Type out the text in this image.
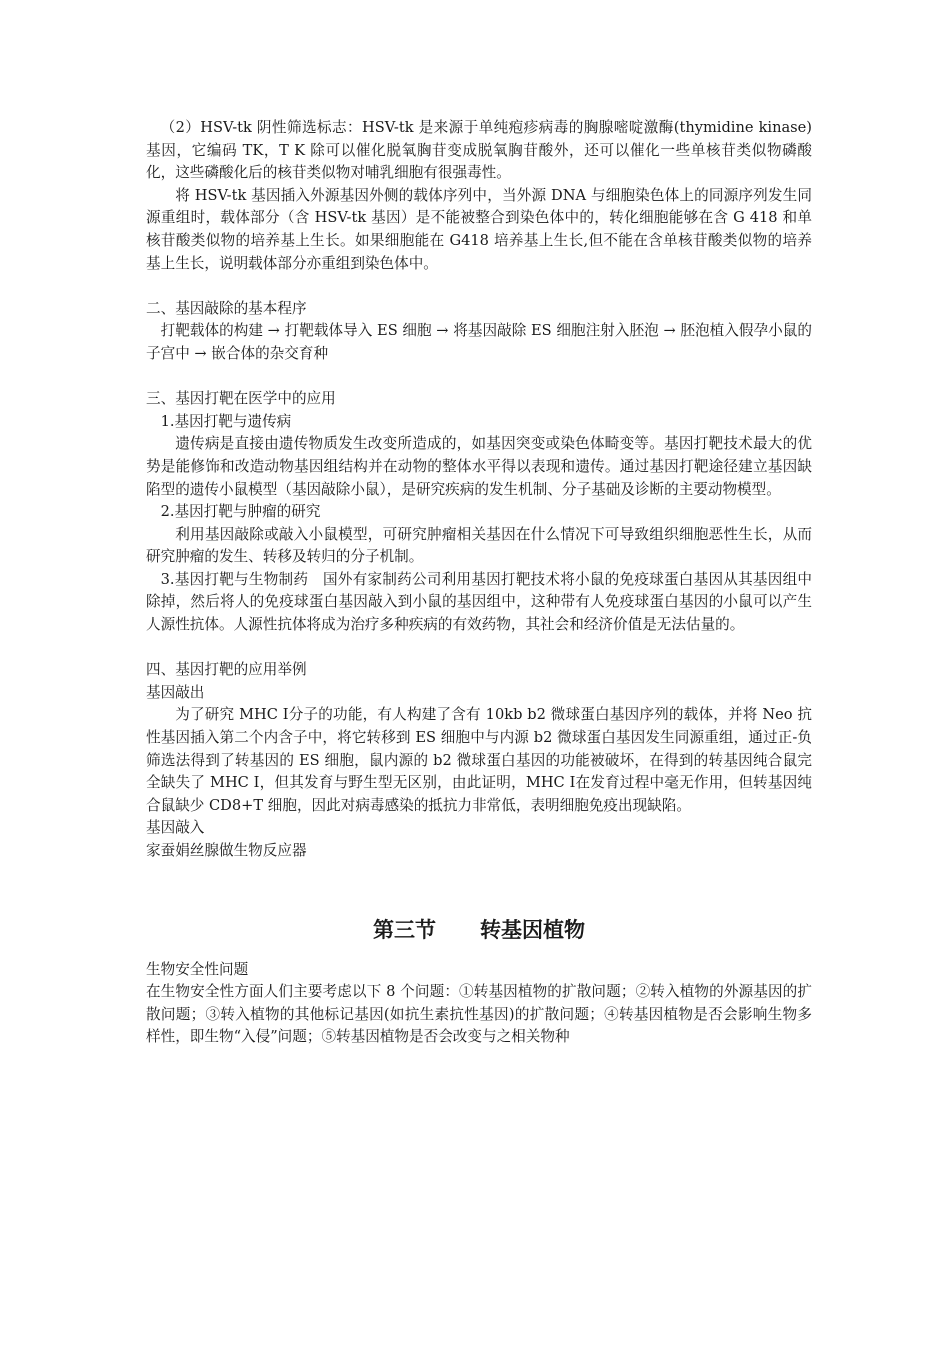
（2）HSV-tk 阴性筛选标志：HSV-tk 是来源于单纯疱疹病毒的胸腺嘧啶激酶(thymidine kinase)基因，它编码 TK，T K 除可以催化脱氧胸苷变成脱氧胸苷酸外，还可以催化一些单核苷类似物磷酸化，这些磷酸化后的核苷类似物对哺乳细胞有很强毒性。

将 HSV-tk 基因插入外源基因外侧的载体序列中，当外源 DNA 与细胞染色体上的同源序列发生同源重组时，载体部分（含 HSV-tk 基因）是不能被整合到染色体中的，转化细胞能够在含 G 418 和单核苷酸类似物的培养基上生长。如果细胞能在 G418 培养基上生长,但不能在含单核苷酸类似物的培养基上生长，说明载体部分亦重组到染色体中。

二、基因敲除的基本程序

打靶载体的构建 → 打靶载体导入 ES 细胞 → 将基因敲除 ES 细胞注射入胚泡 → 胚泡植入假孕小鼠的子宫中 → 嵌合体的杂交育种

三、基因打靶在医学中的应用

1.基因打靶与遗传病

遗传病是直接由遗传物质发生改变所造成的，如基因突变或染色体畸变等。基因打靶技术最大的优势是能修饰和改造动物基因组结构并在动物的整体水平得以表现和遗传。通过基因打靶途径建立基因缺陷型的遗传小鼠模型（基因敲除小鼠），是研究疾病的发生机制、分子基础及诊断的主要动物模型。

2.基因打靶与肿瘤的研究

利用基因敲除或敲入小鼠模型，可研究肿瘤相关基因在什么情况下可导致组织细胞恶性生长，从而研究肿瘤的发生、转移及转归的分子机制。

3.基因打靶与生物制药　国外有家制药公司利用基因打靶技术将小鼠的免疫球蛋白基因从其基因组中除掉，然后将人的免疫球蛋白基因敲入到小鼠的基因组中，这种带有人免疫球蛋白基因的小鼠可以产生人源性抗体。人源性抗体将成为治疗多种疾病的有效药物，其社会和经济价值是无法估量的。

四、基因打靶的应用举例

基因敲出

为了研究 MHC Ⅰ分子的功能，有人构建了含有 10kb b2 微球蛋白基因序列的载体，并将 Neo 抗性基因插入第二个内含子中，将它转移到 ES 细胞中与内源 b2 微球蛋白基因发生同源重组，通过正-负筛选法得到了转基因的 ES 细胞，鼠内源的 b2 微球蛋白基因的功能被破坏，在得到的转基因纯合鼠完全缺失了 MHC Ⅰ，但其发育与野生型无区别，由此证明，MHC Ⅰ在发育过程中毫无作用，但转基因纯合鼠缺少 CD8+T 细胞，因此对病毒感染的抵抗力非常低，表明细胞免疫出现缺陷。

基因敲入

家蚕娟丝腺做生物反应器

第三节 转基因植物

生物安全性问题

在生物安全性方面人们主要考虑以下 8 个问题：①转基因植物的扩散问题；②转入植物的外源基因的扩散问题；③转入植物的其他标记基因(如抗生素抗性基因)的扩散问题；④转基因植物是否会影响生物多样性，即生物“入侵”问题；⑤转基因植物是否会改变与之相关物种
